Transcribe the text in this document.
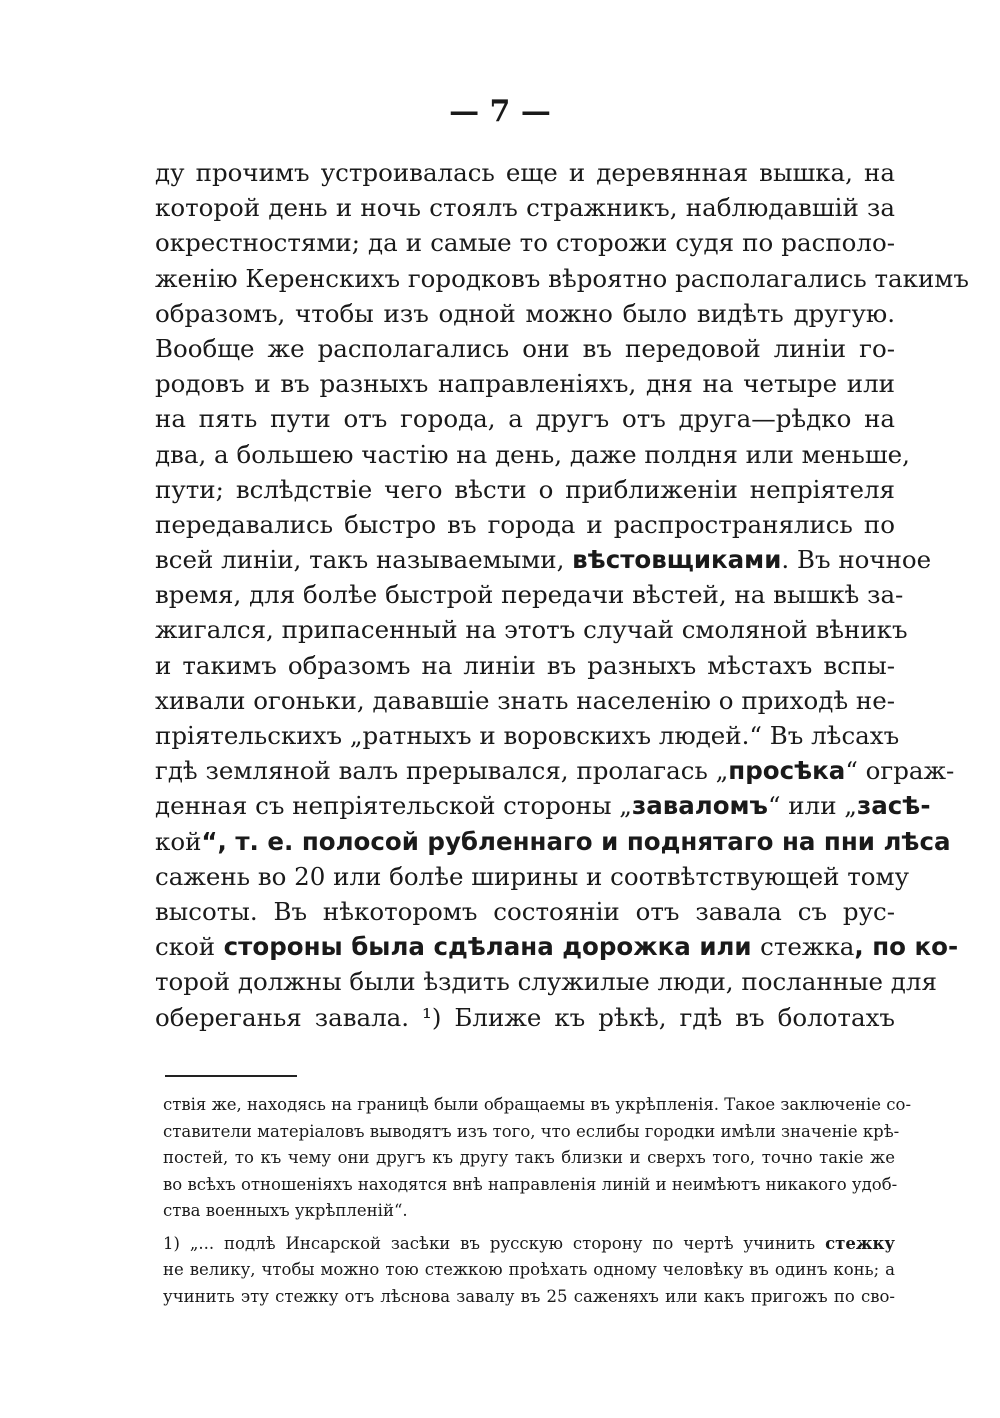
— 7 —
ду прочимъ устроивалась еще и деревянная вышка, на
которой день и ночь стоялъ стражникъ, наблюдавшій за
окрестностями; да и самые то сторожи судя по располо-
женію Керенскихъ городковъ вѣроятно располагались такимъ
образомъ, чтобы изъ одной можно было видѣть другую.
Вообще же располагались они въ передовой линіи го-
родовъ и въ разныхъ направленіяхъ, дня на четыре или
на пять пути отъ города, а другъ отъ друга—рѣдко на
два, а большею частію на день, даже полдня или меньше,
пути; вслѣдствіе чего вѣсти о приближеніи непріятеля
передавались быстро въ города и распространялись по
всей линіи, такъ называемыми, вѣстовщиками. Въ ночное
время, для болѣе быстрой передачи вѣстей, на вышкѣ за-
жигался, припасенный на этотъ случай смоляной вѣникъ
и такимъ образомъ на линіи въ разныхъ мѣстахъ вспы-
хивали огоньки, дававшіе знать населенію о приходѣ не-
пріятельскихъ „ратныхъ и воровскихъ людей.“ Въ лѣсахъ
гдѣ земляной валъ прерывался, пролагась „просѣка“ ограж-
денная съ непріятельской стороны „заваломъ“ или „засѣ-
кой“, т. е. полосой рубленнаго и поднятаго на пни лѣса
сажень во 20 или болѣе ширины и соотвѣтствующей тому
высоты. Въ нѣкоторомъ состояніи отъ завала съ рус-
ской стороны была сдѣлана дорожка или стежка, по ко-
торой должны были ѣздить служилые люди, посланные для
обереганья завала. ¹) Ближе къ рѣкѣ, гдѣ въ болотахъ
ствія же, находясь на границѣ были обращаемы въ укрѣпленія. Такое заключеніе со-
ставители матеріаловъ выводятъ изъ того, что еслибы городки имѣли значеніе крѣ-
постей, то къ чему они другъ къ другу такъ близки и сверхъ того, точно такіе же
во всѣхъ отношеніяхъ находятся внѣ направленія линій и неимѣютъ никакого удоб-
ства военныхъ укрѣпленій“.
1) „... подлѣ Инсарской засѣки въ русскую сторону по чертѣ учинить стежку
не велику, чтобы можно тою стежкою проѣхать одному человѣку въ одинъ конь; а
учинить эту стежку отъ лѣснова завалу въ 25 саженяхъ или какъ пригожъ по сво-
